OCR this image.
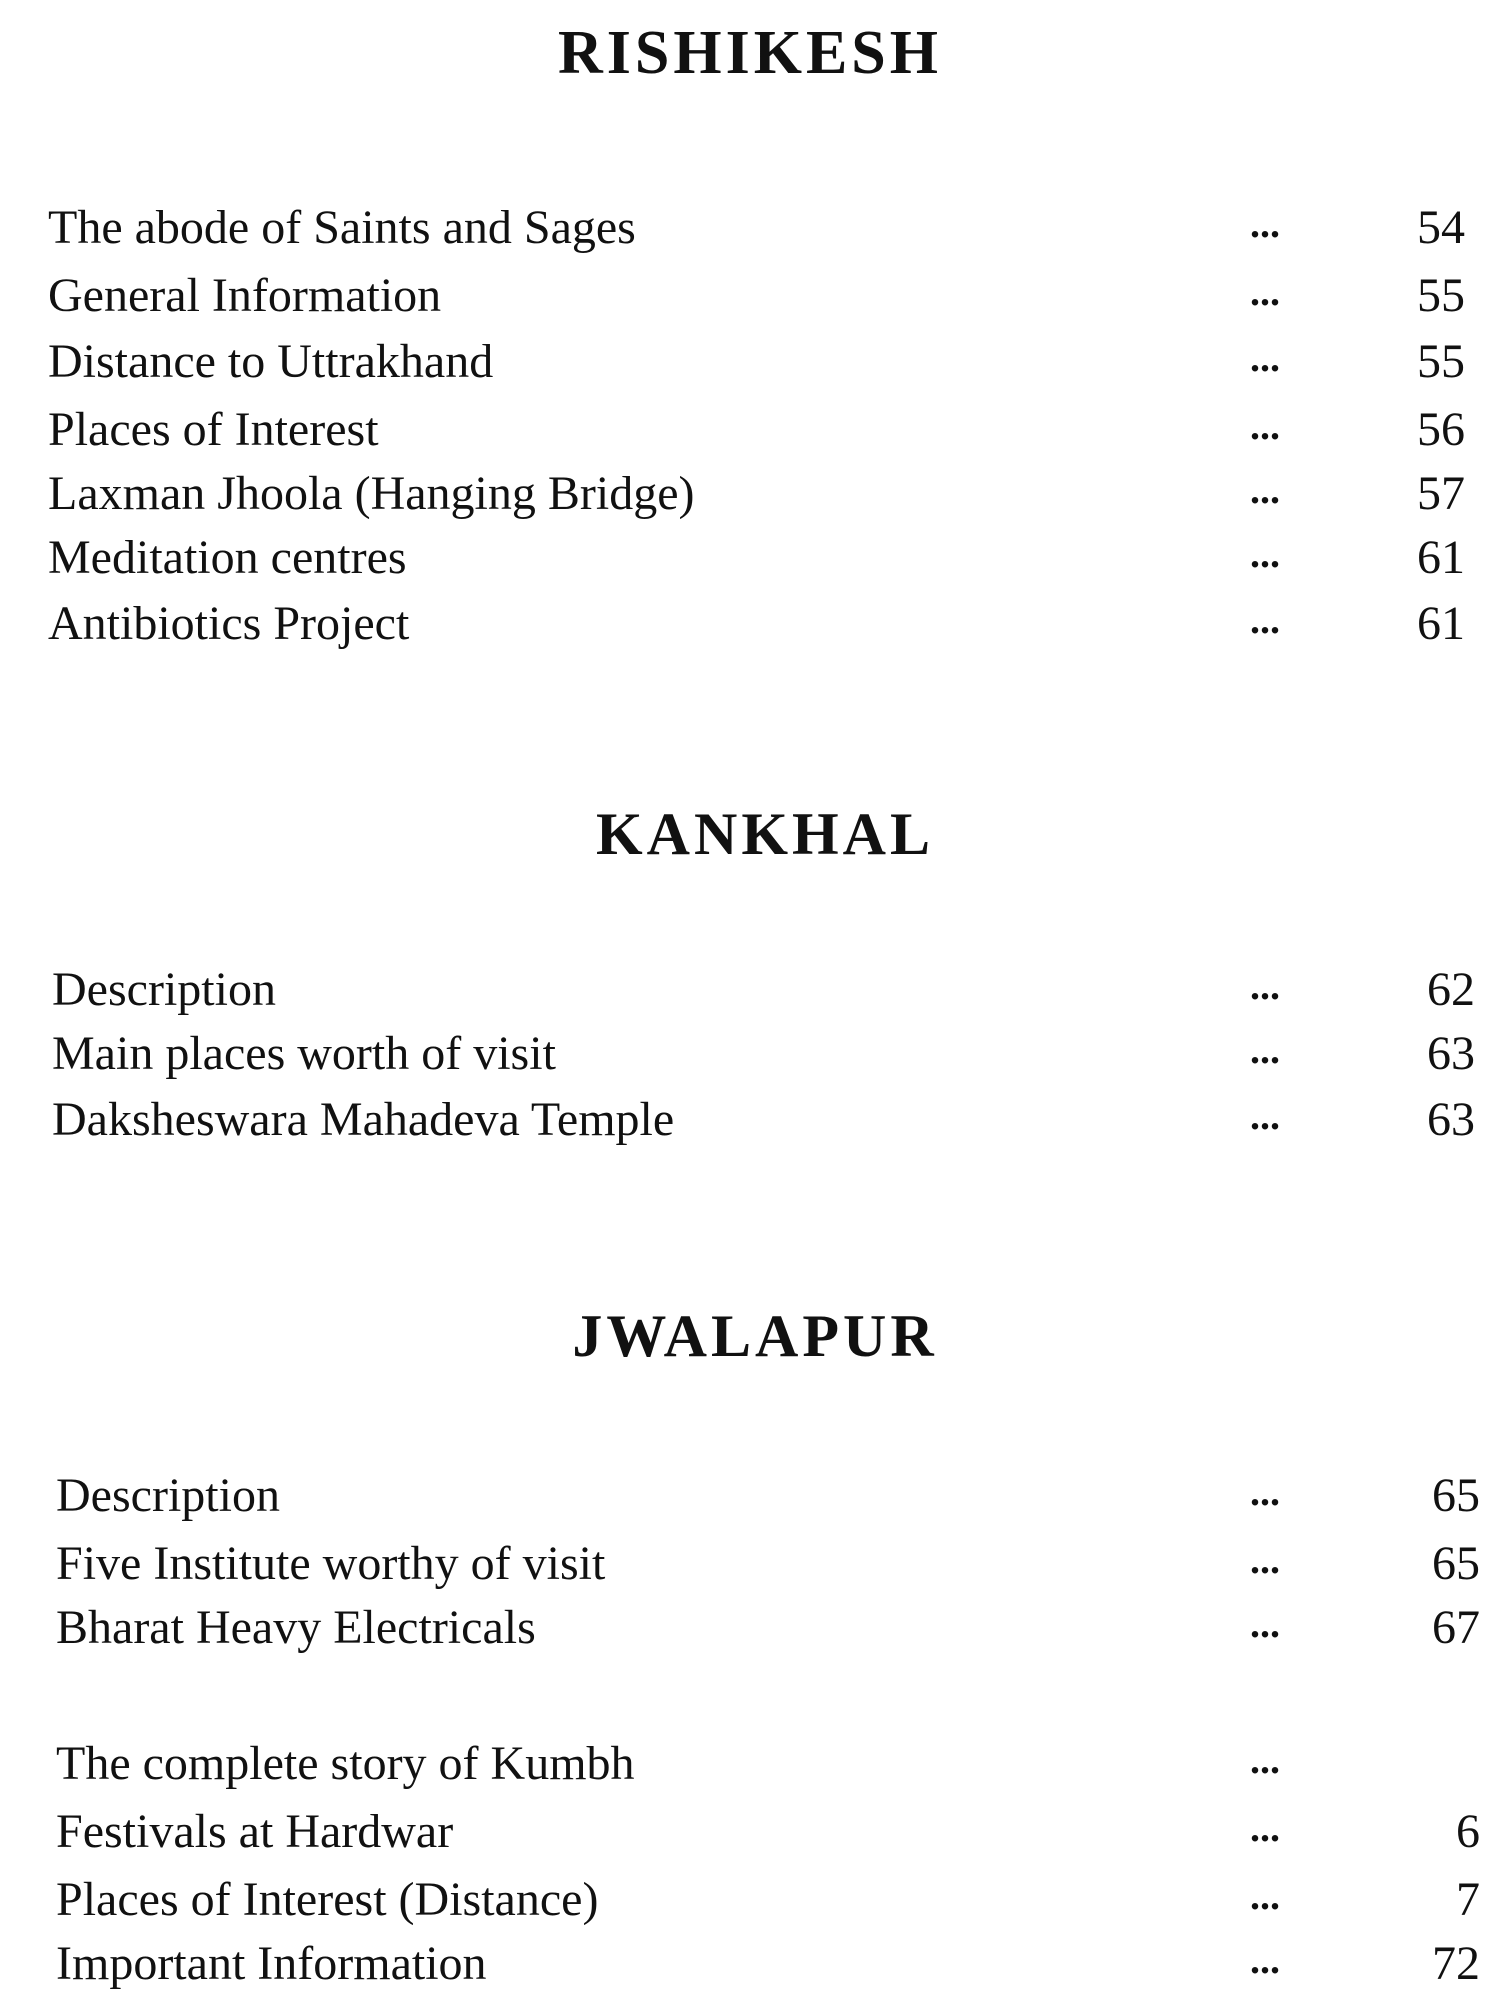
RISHIKESH
The abode of Saints and Sages	...	54
General Information	...	55
Distance to Uttrakhand	...	55
Places of Interest	...	56
Laxman Jhoola (Hanging Bridge)	...	57
Meditation centres	...	61
Antibiotics Project	...	61
KANKHAL
Description	...	62
Main places worth of visit	...	63
Daksheswara Mahadeva Temple	...	63
JWALAPUR
Description	...	65
Five Institute worthy of visit	...	65
Bharat Heavy Electricals	...	67
The complete story of Kumbh	...
Festivals at Hardwar	...	6
Places of Interest (Distance)	...	7
Important Information	...	72
